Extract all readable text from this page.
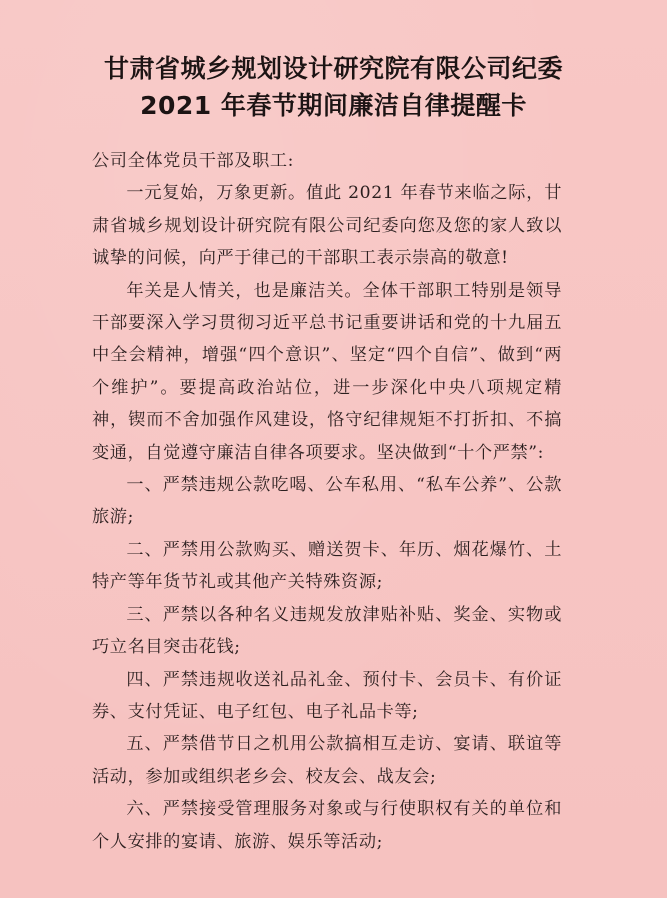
甘肃省城乡规划设计研究院有限公司纪委
2021 年春节期间廉洁自律提醒卡

公司全体党员干部及职工:

一元复始，万象更新。值此 2021 年春节来临之际，甘肃省城乡规划设计研究院有限公司纪委向您及您的家人致以诚挚的问候，向严于律己的干部职工表示崇高的敬意!

年关是人情关，也是廉洁关。全体干部职工特别是领导干部要深入学习贯彻习近平总书记重要讲话和党的十九届五中全会精神，增强“四个意识”、坚定“四个自信”、做到“两个维护”。要提高政治站位，进一步深化中央八项规定精神，锲而不舍加强作风建设，恪守纪律规矩不打折扣、不搞变通，自觉遵守廉洁自律各项要求。坚决做到“十个严禁”:

一、严禁违规公款吃喝、公车私用、“私车公养”、公款旅游;

二、严禁用公款购买、赠送贺卡、年历、烟花爆竹、土特产等年货节礼或其他产关特殊资源;

三、严禁以各种名义违规发放津贴补贴、奖金、实物或巧立名目突击花钱;

四、严禁违规收送礼品礼金、预付卡、会员卡、有价证券、支付凭证、电子红包、电子礼品卡等;

五、严禁借节日之机用公款搞相互走访、宴请、联谊等活动，参加或组织老乡会、校友会、战友会;

六、严禁接受管理服务对象或与行使职权有关的单位和个人安排的宴请、旅游、娱乐等活动;
